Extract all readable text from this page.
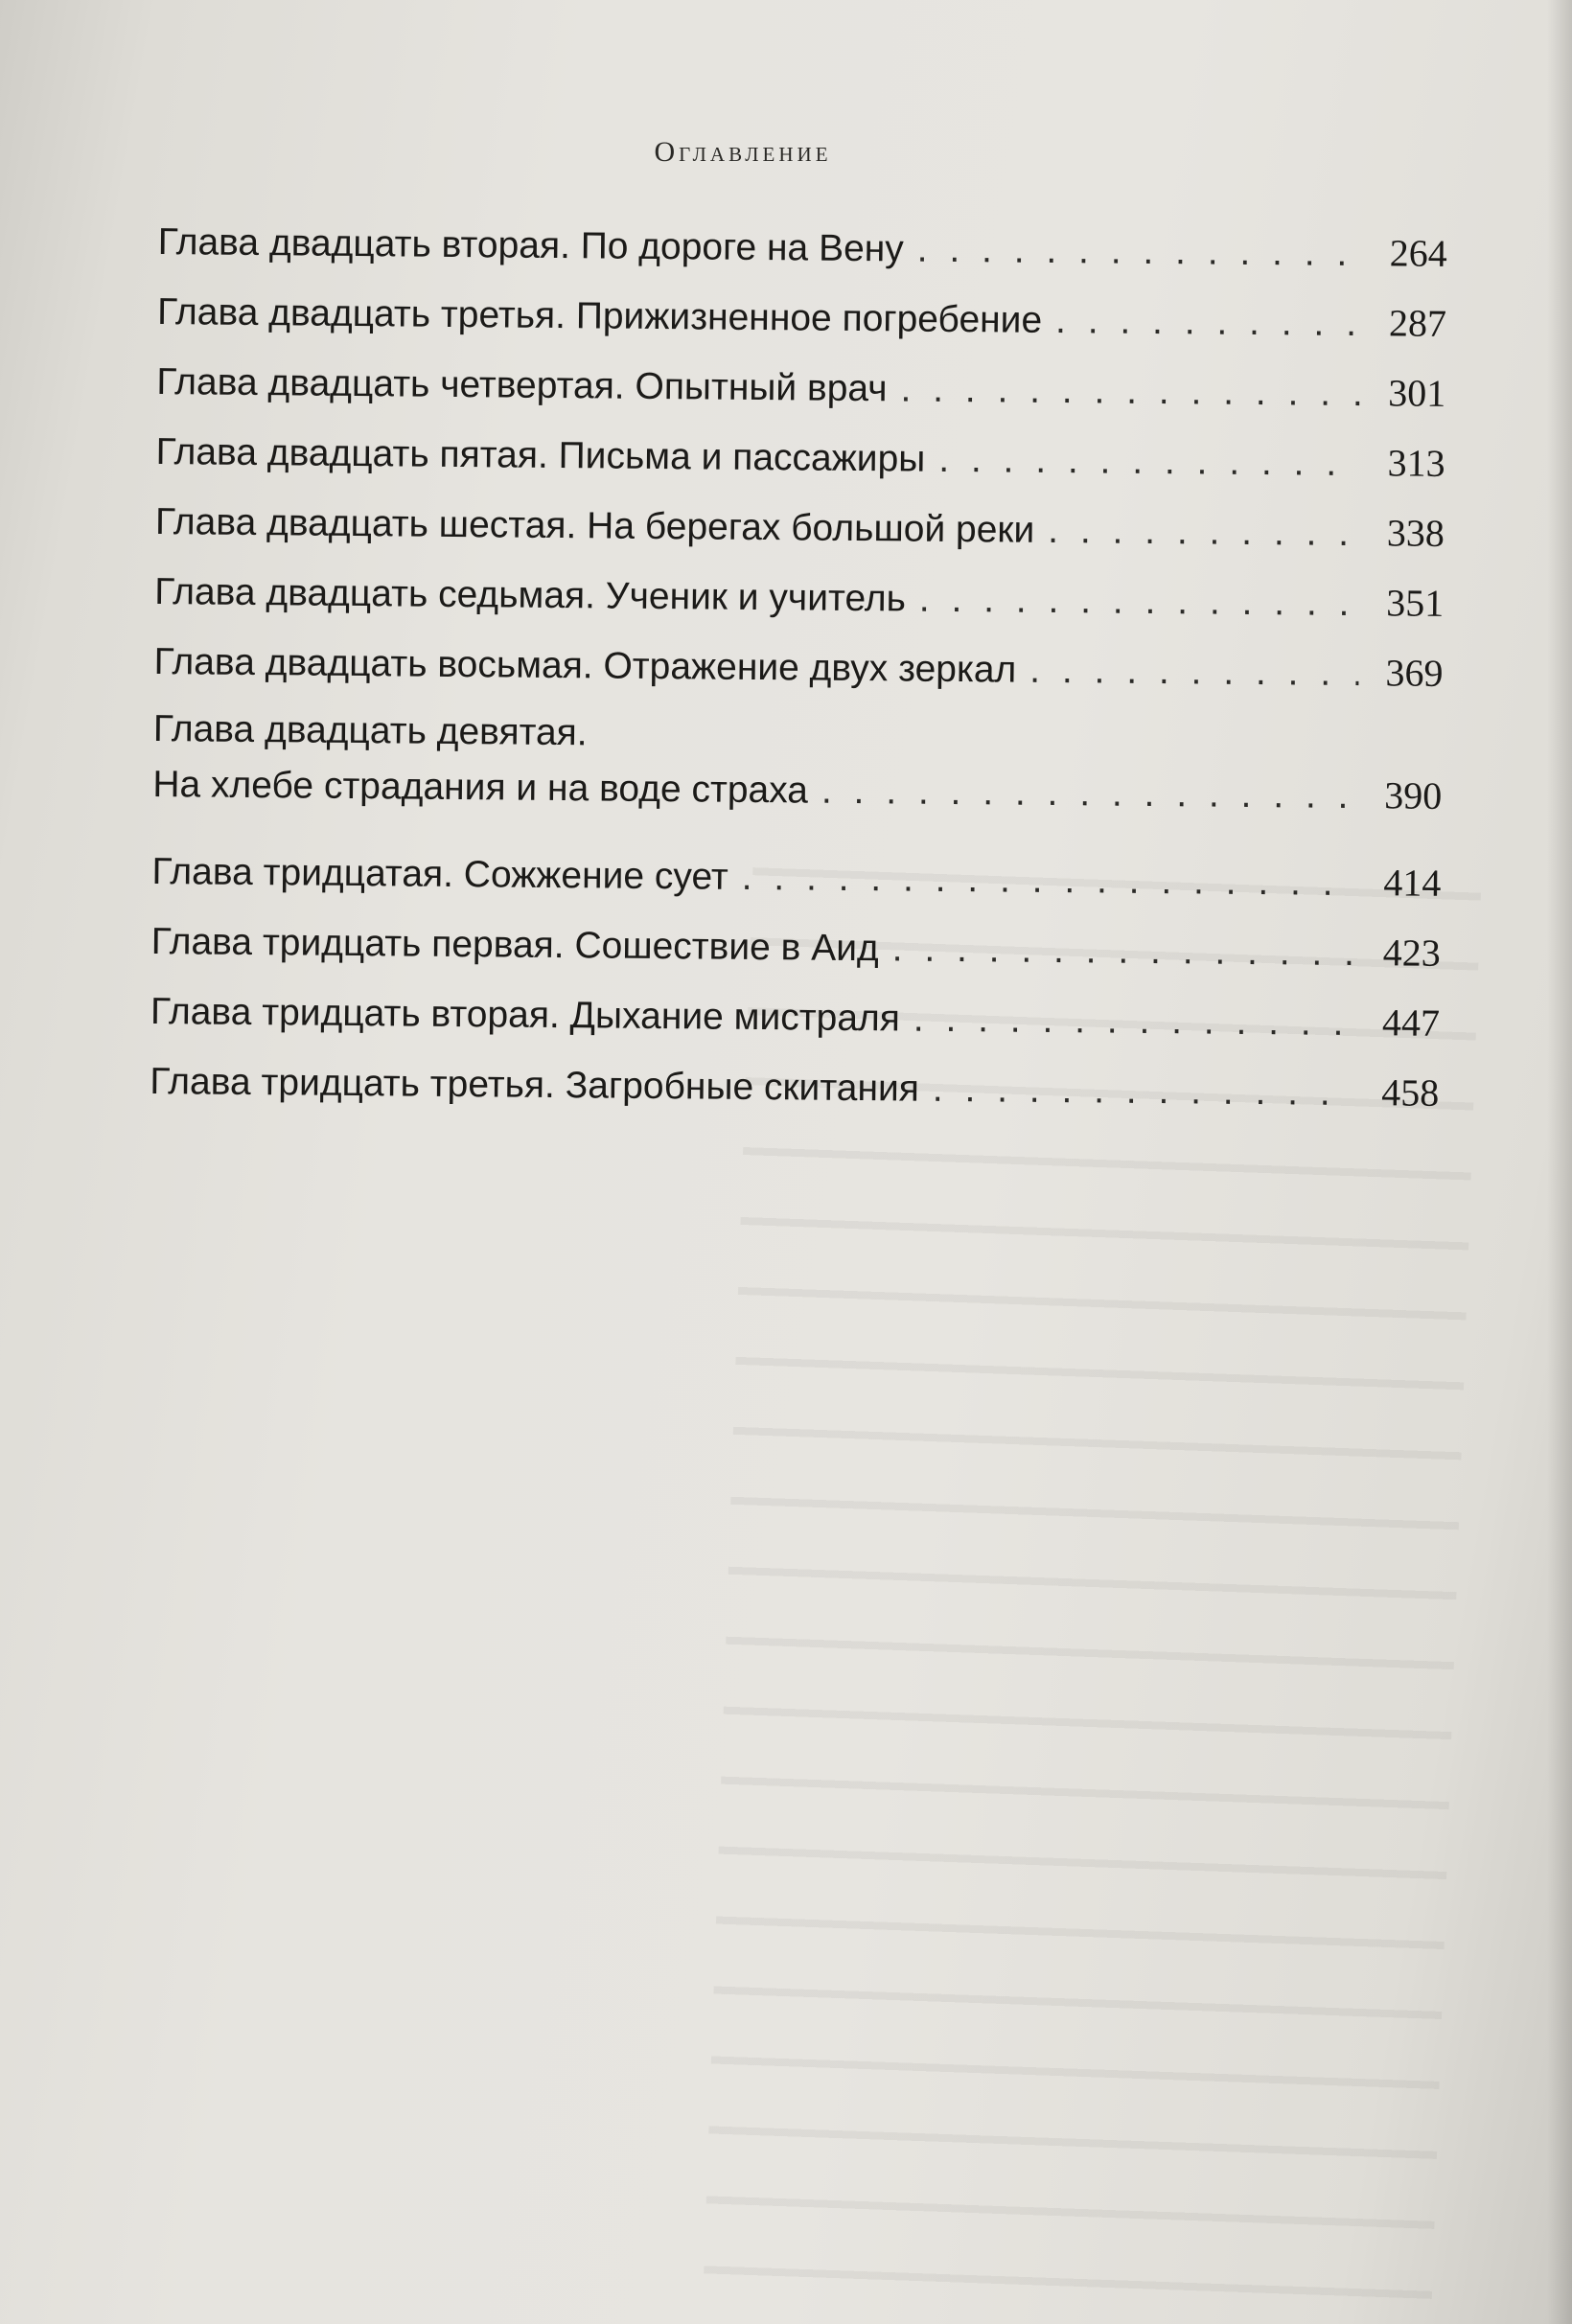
Оглавление
Глава двадцать вторая. По дороге на Вену . . .	264
Глава двадцать третья. Прижизненное погребение . . .	287
Глава двадцать четвертая. Опытный врач . . .	301
Глава двадцать пятая. Письма и пассажиры . . .	313
Глава двадцать шестая. На берегах большой реки . . .	338
Глава двадцать седьмая. Ученик и учитель . . .	351
Глава двадцать восьмая. Отражение двух зеркал . . .	369
Глава двадцать девятая.
На хлебе страдания и на воде страха . . .	390
Глава тридцатая. Сожжение сует . . .	414
Глава тридцать первая. Сошествие в Аид . . .	423
Глава тридцать вторая. Дыхание мистраля . . .	447
Глава тридцать третья. Загробные скитания . . .	458
